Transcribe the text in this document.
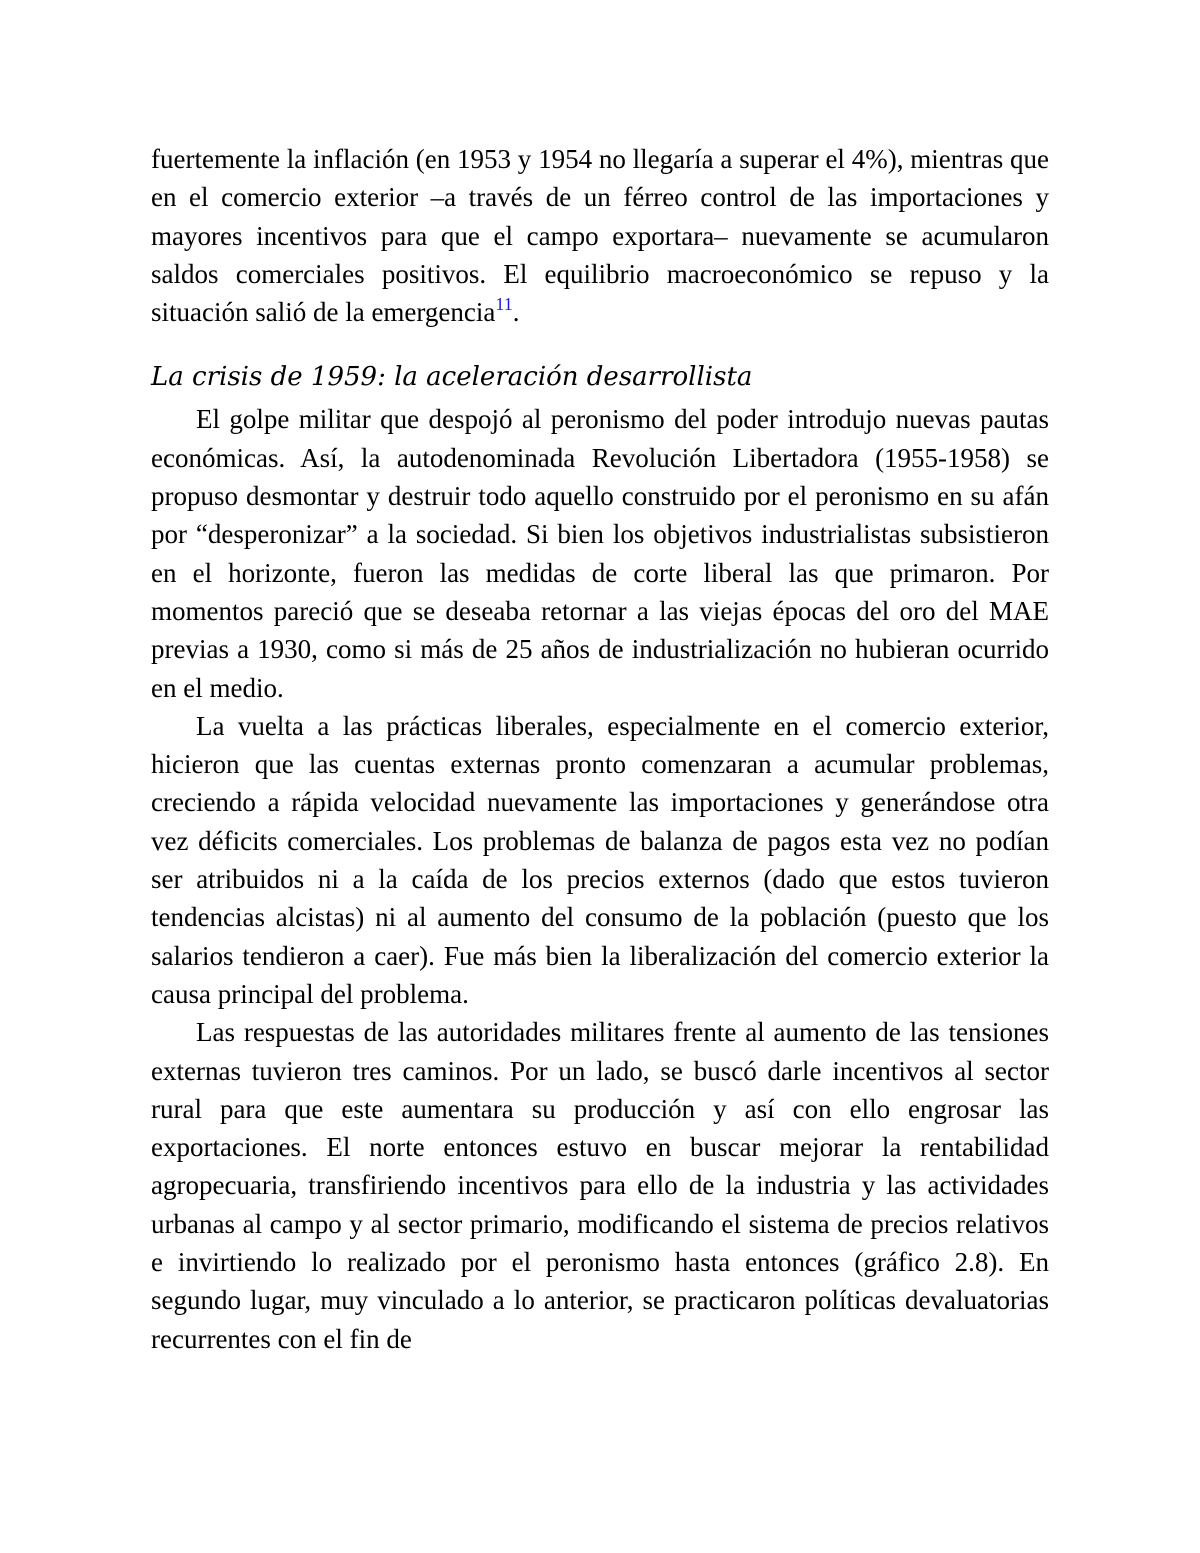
fuertemente la inflación (en 1953 y 1954 no llegaría a superar el 4%), mientras que en el comercio exterior –a través de un férreo control de las importaciones y mayores incentivos para que el campo exportara– nuevamente se acumularon saldos comerciales positivos. El equilibrio macroeconómico se repuso y la situación salió de la emergencia$^{11}$.

La crisis de 1959: la aceleración desarrollista

El golpe militar que despojó al peronismo del poder introdujo nuevas pautas económicas. Así, la autodenominada Revolución Libertadora (1955-1958) se propuso desmontar y destruir todo aquello construido por el peronismo en su afán por “desperonizar” a la sociedad. Si bien los objetivos industrialistas subsistieron en el horizonte, fueron las medidas de corte liberal las que primaron. Por momentos pareció que se deseaba retornar a las viejas épocas del oro del MAE previas a 1930, como si más de 25 años de industrialización no hubieran ocurrido en el medio.

La vuelta a las prácticas liberales, especialmente en el comercio exterior, hicieron que las cuentas externas pronto comenzaran a acumular problemas, creciendo a rápida velocidad nuevamente las importaciones y generándose otra vez déficits comerciales. Los problemas de balanza de pagos esta vez no podían ser atribuidos ni a la caída de los precios externos (dado que estos tuvieron tendencias alcistas) ni al aumento del consumo de la población (puesto que los salarios tendieron a caer). Fue más bien la liberalización del comercio exterior la causa principal del problema.

Las respuestas de las autoridades militares frente al aumento de las tensiones externas tuvieron tres caminos. Por un lado, se buscó darle incentivos al sector rural para que este aumentara su producción y así con ello engrosar las exportaciones. El norte entonces estuvo en buscar mejorar la rentabilidad agropecuaria, transfiriendo incentivos para ello de la industria y las actividades urbanas al campo y al sector primario, modificando el sistema de precios relativos e invirtiendo lo realizado por el peronismo hasta entonces (gráfico 2.8). En segundo lugar, muy vinculado a lo anterior, se practicaron políticas devaluatorias recurrentes con el fin de
